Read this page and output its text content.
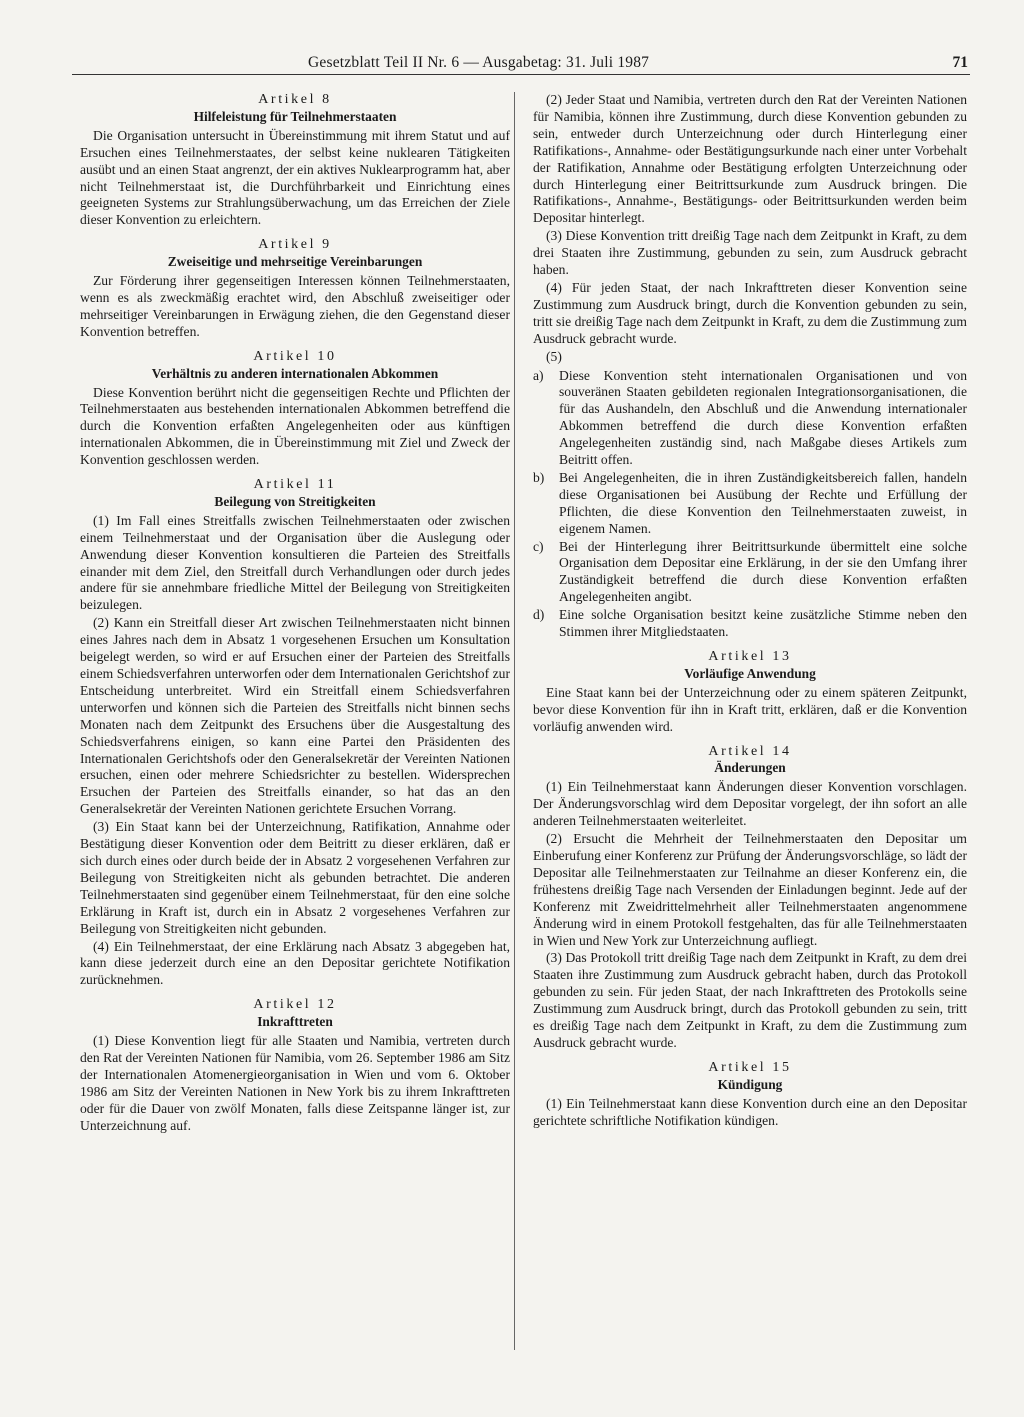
Gesetzblatt Teil II Nr. 6 — Ausgabetag: 31. Juli 1987	71
Artikel 8
Hilfeleistung für Teilnehmerstaaten

Die Organisation untersucht in Übereinstimmung mit ihrem Statut und auf Ersuchen eines Teilnehmerstaates, der selbst keine nuklearen Tätigkeiten ausübt und an einen Staat angrenzt, der ein aktives Nuklearprogramm hat, aber nicht Teilnehmerstaat ist, die Durchführbarkeit und Einrichtung eines geeigneten Systems zur Strahlungsüberwachung, um das Erreichen der Ziele dieser Konvention zu erleichtern.

Artikel 9
Zweiseitige und mehrseitige Vereinbarungen

Zur Förderung ihrer gegenseitigen Interessen können Teilnehmerstaaten, wenn es als zweckmäßig erachtet wird, den Abschluß zweiseitiger oder mehrseitiger Vereinbarungen in Erwägung ziehen, die den Gegenstand dieser Konvention betreffen.

Artikel 10
Verhältnis zu anderen internationalen Abkommen

Diese Konvention berührt nicht die gegenseitigen Rechte und Pflichten der Teilnehmerstaaten aus bestehenden internationalen Abkommen betreffend die durch die Konvention erfaßten Angelegenheiten oder aus künftigen internationalen Abkommen, die in Übereinstimmung mit Ziel und Zweck der Konvention geschlossen werden.

Artikel 11
Beilegung von Streitigkeiten

(1) Im Fall eines Streitfalls zwischen Teilnehmerstaaten oder zwischen einem Teilnehmerstaat und der Organisation über die Auslegung oder Anwendung dieser Konvention konsultieren die Parteien des Streitfalls einander mit dem Ziel, den Streitfall durch Verhandlungen oder durch jedes andere für sie annehmbare friedliche Mittel der Beilegung von Streitigkeiten beizulegen.

(2) Kann ein Streitfall dieser Art zwischen Teilnehmerstaaten nicht binnen eines Jahres nach dem in Absatz 1 vorgesehenen Ersuchen um Konsultation beigelegt werden, so wird er auf Ersuchen einer der Parteien des Streitfalls einem Schiedsverfahren unterworfen oder dem Internationalen Gerichtshof zur Entscheidung unterbreitet. Wird ein Streitfall einem Schiedsverfahren unterworfen und können sich die Parteien des Streitfalls nicht binnen sechs Monaten nach dem Zeitpunkt des Ersuchens über die Ausgestaltung des Schiedsverfahrens einigen, so kann eine Partei den Präsidenten des Internationalen Gerichtshofs oder den Generalsekretär der Vereinten Nationen ersuchen, einen oder mehrere Schiedsrichter zu bestellen. Widersprechen Ersuchen der Parteien des Streitfalls einander, so hat das an den Generalsekretär der Vereinten Nationen gerichtete Ersuchen Vorrang.

(3) Ein Staat kann bei der Unterzeichnung, Ratifikation, Annahme oder Bestätigung dieser Konvention oder dem Beitritt zu dieser erklären, daß er sich durch eines oder durch beide der in Absatz 2 vorgesehenen Verfahren zur Beilegung von Streitigkeiten nicht als gebunden betrachtet. Die anderen Teilnehmerstaaten sind gegenüber einem Teilnehmerstaat, für den eine solche Erklärung in Kraft ist, durch ein in Absatz 2 vorgesehenes Verfahren zur Beilegung von Streitigkeiten nicht gebunden.

(4) Ein Teilnehmerstaat, der eine Erklärung nach Absatz 3 abgegeben hat, kann diese jederzeit durch eine an den Depositar gerichtete Notifikation zurücknehmen.

Artikel 12
Inkrafttreten

(1) Diese Konvention liegt für alle Staaten und Namibia, vertreten durch den Rat der Vereinten Nationen für Namibia, vom 26. September 1986 am Sitz der Internationalen Atomenergieorganisation in Wien und vom 6. Oktober 1986 am Sitz der Vereinten Nationen in New York bis zu ihrem Inkrafttreten oder für die Dauer von zwölf Monaten, falls diese Zeitspanne länger ist, zur Unterzeichnung auf.

(2) Jeder Staat und Namibia, vertreten durch den Rat der Vereinten Nationen für Namibia, können ihre Zustimmung, durch diese Konvention gebunden zu sein, entweder durch Unterzeichnung oder durch Hinterlegung einer Ratifikations-, Annahme- oder Bestätigungsurkunde nach einer unter Vorbehalt der Ratifikation, Annahme oder Bestätigung erfolgten Unterzeichnung oder durch Hinterlegung einer Beitrittsurkunde zum Ausdruck bringen. Die Ratifikations-, Annahme-, Bestätigungs- oder Beitrittsurkunden werden beim Depositar hinterlegt.

(3) Diese Konvention tritt dreißig Tage nach dem Zeitpunkt in Kraft, zu dem drei Staaten ihre Zustimmung, gebunden zu sein, zum Ausdruck gebracht haben.

(4) Für jeden Staat, der nach Inkrafttreten dieser Konvention seine Zustimmung zum Ausdruck bringt, durch die Konvention gebunden zu sein, tritt sie dreißig Tage nach dem Zeitpunkt in Kraft, zu dem die Zustimmung zum Ausdruck gebracht wurde.

(5)

a)	Diese Konvention steht internationalen Organisationen und von souveränen Staaten gebildeten regionalen Integrationsorganisationen, die für das Aushandeln, den Abschluß und die Anwendung internationaler Abkommen betreffend die durch diese Konvention erfaßten Angelegenheiten zuständig sind, nach Maßgabe dieses Artikels zum Beitritt offen.
b)	Bei Angelegenheiten, die in ihren Zuständigkeitsbereich fallen, handeln diese Organisationen bei Ausübung der Rechte und Erfüllung der Pflichten, die diese Konvention den Teilnehmerstaaten zuweist, in eigenem Namen.
c)	Bei der Hinterlegung ihrer Beitrittsurkunde übermittelt eine solche Organisation dem Depositar eine Erklärung, in der sie den Umfang ihrer Zuständigkeit betreffend die durch diese Konvention erfaßten Angelegenheiten angibt.
d)	Eine solche Organisation besitzt keine zusätzliche Stimme neben den Stimmen ihrer Mitgliedstaaten.
Artikel 13
Vorläufige Anwendung

Eine Staat kann bei der Unterzeichnung oder zu einem späteren Zeitpunkt, bevor diese Konvention für ihn in Kraft tritt, erklären, daß er die Konvention vorläufig anwenden wird.

Artikel 14
Änderungen

(1) Ein Teilnehmerstaat kann Änderungen dieser Konvention vorschlagen. Der Änderungsvorschlag wird dem Depositar vorgelegt, der ihn sofort an alle anderen Teilnehmerstaaten weiterleitet.

(2) Ersucht die Mehrheit der Teilnehmerstaaten den Depositar um Einberufung einer Konferenz zur Prüfung der Änderungsvorschläge, so lädt der Depositar alle Teilnehmerstaaten zur Teilnahme an dieser Konferenz ein, die frühestens dreißig Tage nach Versenden der Einladungen beginnt. Jede auf der Konferenz mit Zweidrittelmehrheit aller Teilnehmerstaaten angenommene Änderung wird in einem Protokoll festgehalten, das für alle Teilnehmerstaaten in Wien und New York zur Unterzeichnung aufliegt.

(3) Das Protokoll tritt dreißig Tage nach dem Zeitpunkt in Kraft, zu dem drei Staaten ihre Zustimmung zum Ausdruck gebracht haben, durch das Protokoll gebunden zu sein. Für jeden Staat, der nach Inkrafttreten des Protokolls seine Zustimmung zum Ausdruck bringt, durch das Protokoll gebunden zu sein, tritt es dreißig Tage nach dem Zeitpunkt in Kraft, zu dem die Zustimmung zum Ausdruck gebracht wurde.

Artikel 15
Kündigung

(1) Ein Teilnehmerstaat kann diese Konvention durch eine an den Depositar gerichtete schriftliche Notifikation kündigen.
